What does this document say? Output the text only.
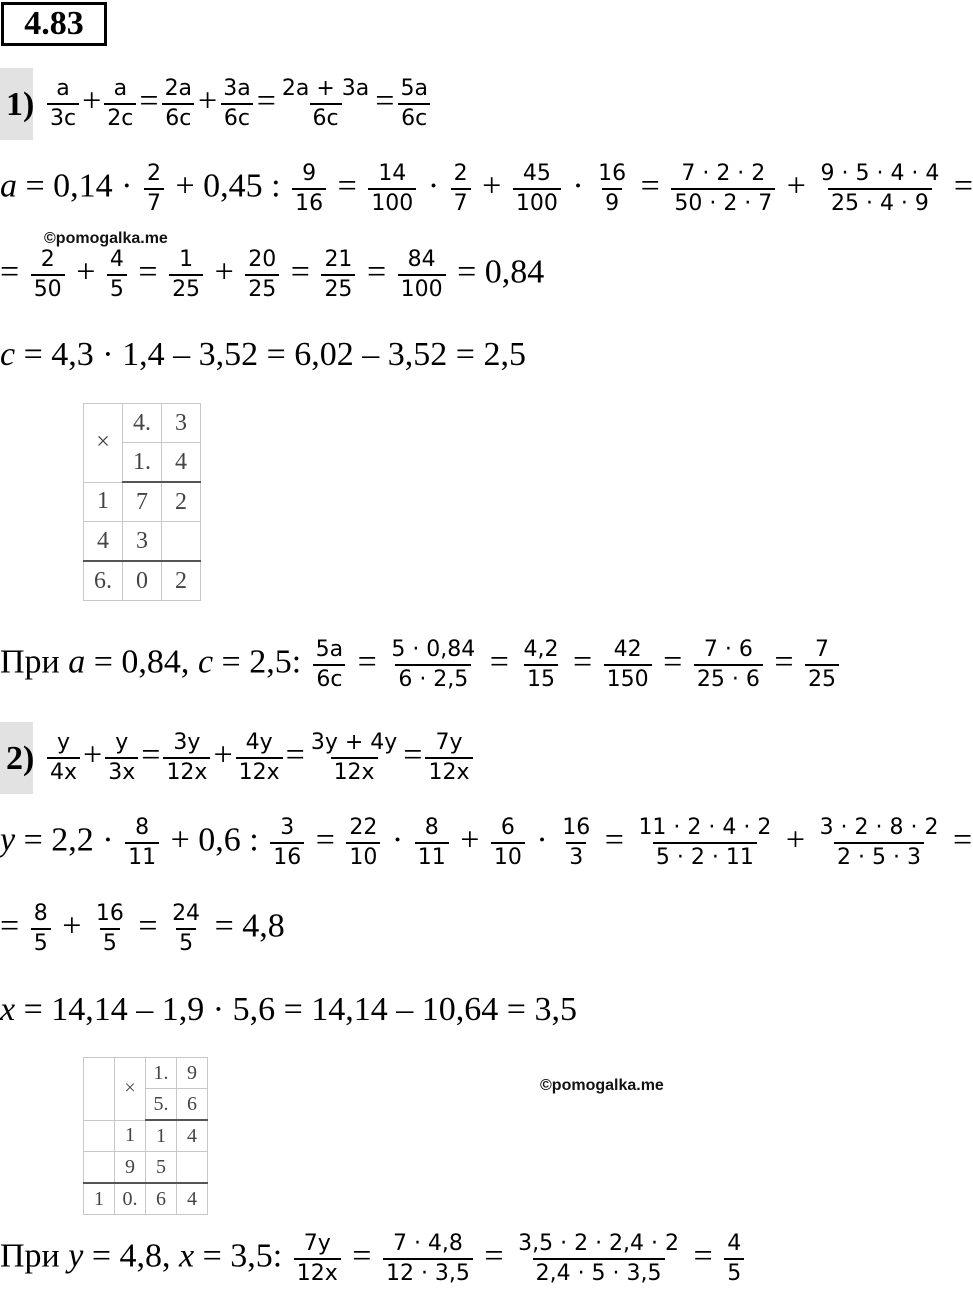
4.83
$1) \frac{a}{3c} + \frac{a}{2c} = \frac{2a}{6c} + \frac{3a}{6c} = \frac{2a + 3a}{6c} = \frac{5a}{6c}$
$a = 0,14 \cdot \frac{2}{7} + 0,45$ : $\frac{9}{16} = \frac{14}{100} \cdot \frac{2}{7} + \frac{45}{100} \cdot \frac{16}{9} = \frac{7 \cdot 2 \cdot 2}{50 \cdot 2 \cdot 7} + \frac{9 \cdot 5 \cdot 4 \cdot 4}{25 \cdot 4 \cdot 9}$ =
©pomogalka.me
= $\frac{2}{50} + \frac{4}{5} = \frac{1}{25} + \frac{20}{25} = \frac{21}{25} = \frac{84}{100} = 0,84$
c = 4,3 · 1,4 – 3,52 = 6,02 – 3,52 = 2,5
×	4.	3
	1.	4
1	7	2
4	3	
6.	0	2
При a = 0,84, c = 2,5: $\frac{5a}{6c} = \frac{5 \cdot 0,84}{6 \cdot 2,5} = \frac{4,2}{15} = \frac{42}{150} = \frac{7 \cdot 6}{25 \cdot 6} = \frac{7}{25}$
$2) \frac{y}{4x} + \frac{y}{3x} = \frac{3y}{12x} + \frac{4y}{12x} = \frac{3y + 4y}{12x} = \frac{7y}{12x}$
$y = 2,2 \cdot \frac{8}{11} + 0,6$ : $\frac{3}{16} = \frac{22}{10} \cdot \frac{8}{11} + \frac{6}{10} \cdot \frac{16}{3} = \frac{11 \cdot 2 \cdot 4 \cdot 2}{5 \cdot 2 \cdot 11} + \frac{3 \cdot 2 \cdot 8 \cdot 2}{2 \cdot 5 \cdot 3}$ =
= $\frac{8}{5} + \frac{16}{5} = \frac{24}{5} = 4,8$
x = 14,14 – 1,9 · 5,6 = 14,14 – 10,64 = 3,5
	×	1.	9
		5.	6
	1	1	4
	9	5	
1	0.	6	4
©pomogalka.me
При y = 4,8, x = 3,5: $\frac{7y}{12x} = \frac{7 \cdot 4,8}{12 \cdot 3,5} = \frac{3,5 \cdot 2 \cdot 2,4 \cdot 2}{2,4 \cdot 5 \cdot 3,5} = \frac{4}{5}$
